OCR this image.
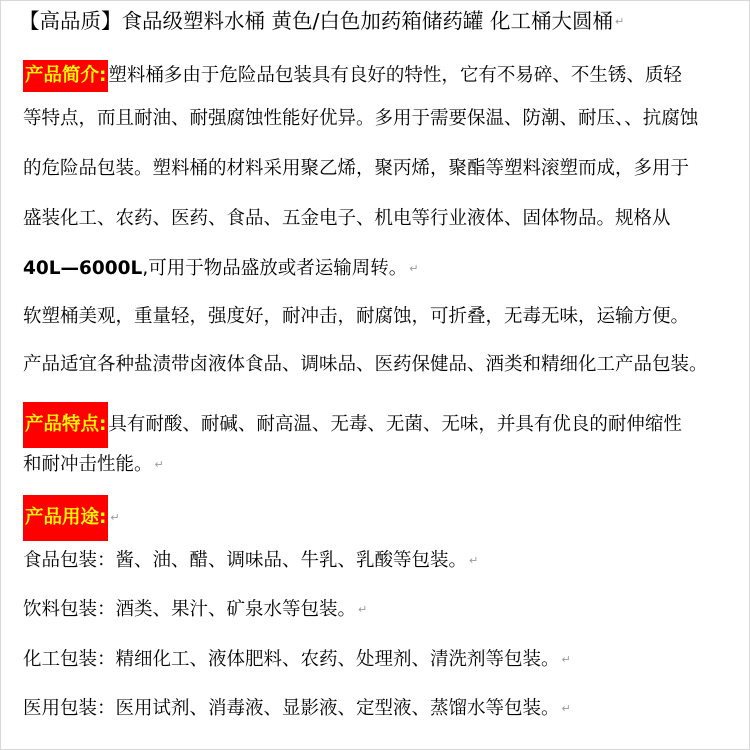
【高品质】食品级塑料水桶 黄色/白色加药箱储药罐 化工桶大圆桶 ↵
产品简介: 塑料桶多由于危险品包装具有良好的特性，它有不易碎、不生锈、质轻
等特点，而且耐油、耐强腐蚀性能好优异。多用于需要保温、防潮、耐压、、抗腐蚀
的危险品包装。塑料桶的材料采用聚乙烯，聚丙烯，聚酯等塑料滚塑而成，多用于
盛装化工、农药、医药、食品、五金电子、机电等行业液体、固体物品。规格从
40L—6000L,可用于物品盛放或者运输周转。 ↵
软塑桶美观，重量轻，强度好，耐冲击，耐腐蚀，可折叠，无毒无味，运输方便。
产品适宜各种盐渍带卤液体食品、调味品、医药保健品、酒类和精细化工产品包装。
产品特点: 具有耐酸、耐碱、耐高温、无毒、无菌、无味，并具有优良的耐伸缩性
和耐冲击性能。 ↵
产品用途: ↵
食品包装：酱、油、醋、调味品、牛乳、乳酸等包装。 ↵
饮料包装：酒类、果汁、矿泉水等包装。 ↵
化工包装：精细化工、液体肥料、农药、处理剂、清洗剂等包装。 ↵
医用包装：医用试剂、消毒液、显影液、定型液、蒸馏水等包装。 ↵
